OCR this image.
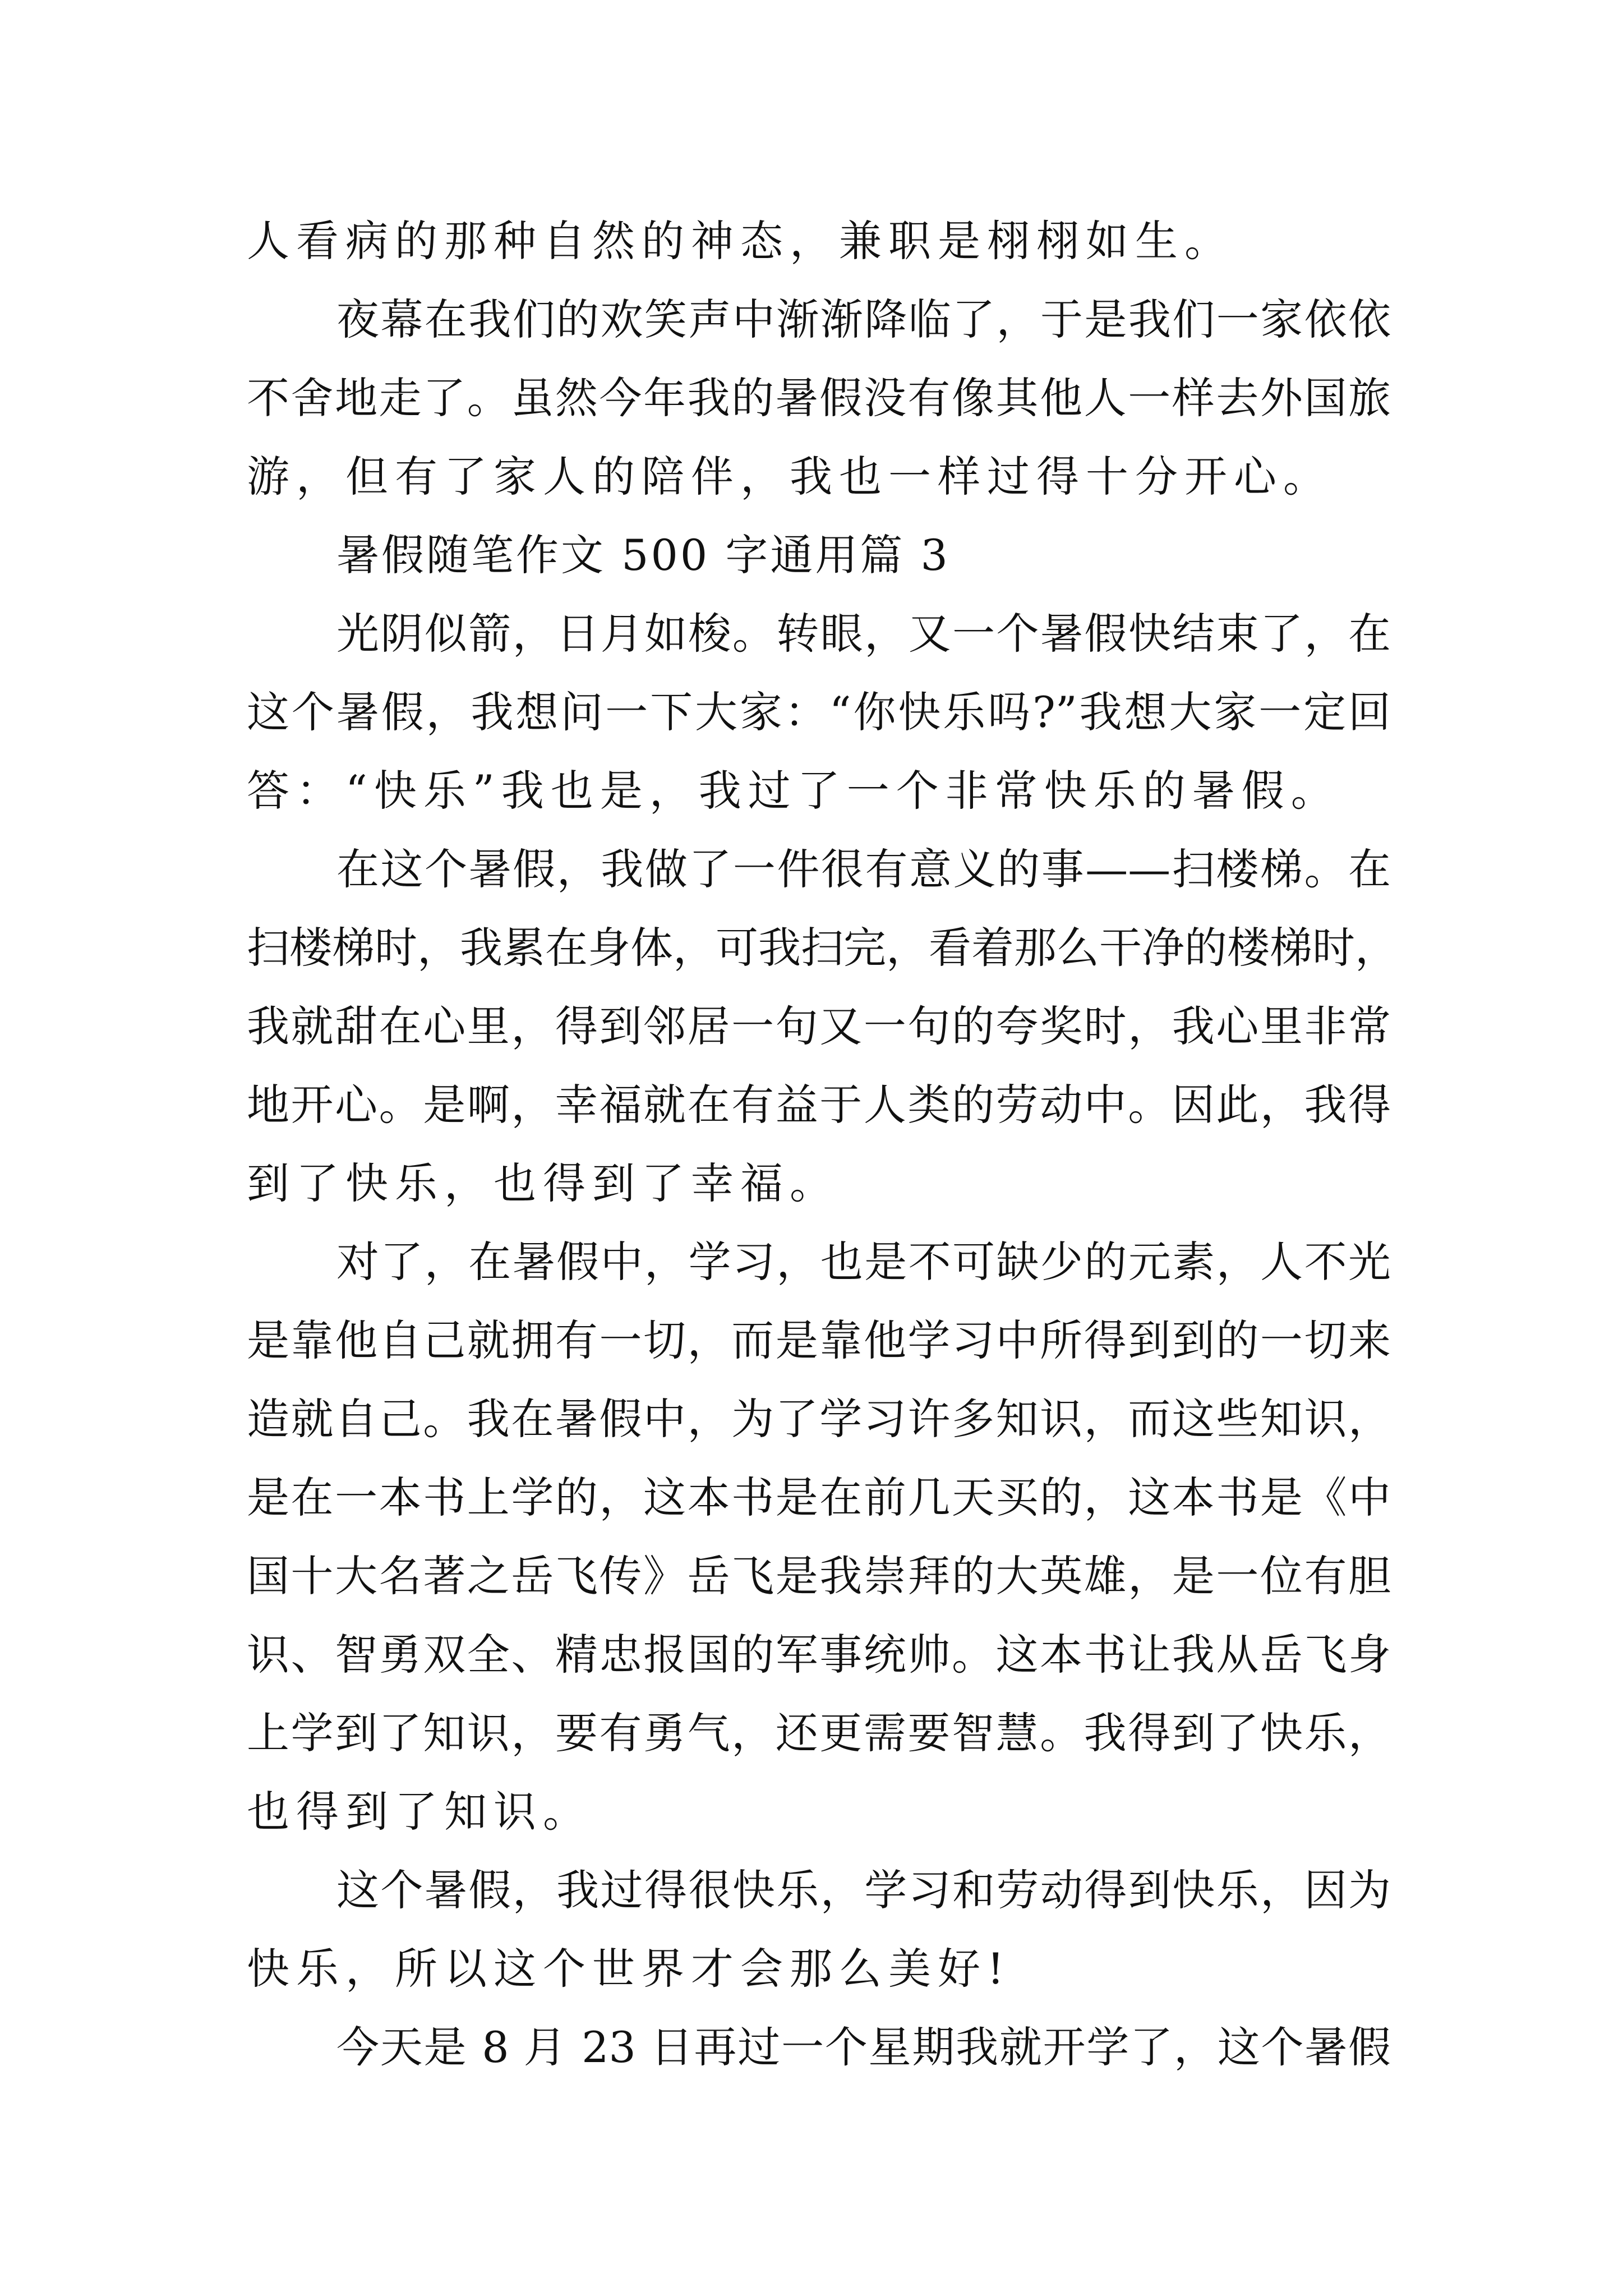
人看病的那种自然的神态，兼职是栩栩如生。
夜幕在我们的欢笑声中渐渐降临了，于是我们一家依依
不舍地走了。虽然今年我的暑假没有像其他人一样去外国旅
游，但有了家人的陪伴，我也一样过得十分开心。
暑假随笔作文 500 字通用篇 3
光阴似箭，日月如梭。转眼，又一个暑假快结束了，在
这个暑假，我想问一下大家：“你快乐吗?”我想大家一定回
答：“快乐”我也是，我过了一个非常快乐的暑假。
在这个暑假，我做了一件很有意义的事——扫楼梯。在
扫楼梯时，我累在身体，可我扫完，看着那么干净的楼梯时，
我就甜在心里，得到邻居一句又一句的夸奖时，我心里非常
地开心。是啊，幸福就在有益于人类的劳动中。因此，我得
到了快乐，也得到了幸福。
对了，在暑假中，学习，也是不可缺少的元素，人不光
是靠他自己就拥有一切，而是靠他学习中所得到到的一切来
造就自己。我在暑假中，为了学习许多知识，而这些知识，
是在一本书上学的，这本书是在前几天买的，这本书是《中
国十大名著之岳飞传》岳飞是我崇拜的大英雄，是一位有胆
识、智勇双全、精忠报国的军事统帅。这本书让我从岳飞身
上学到了知识，要有勇气，还更需要智慧。我得到了快乐，
也得到了知识。
这个暑假，我过得很快乐，学习和劳动得到快乐，因为
快乐，所以这个世界才会那么美好!
今天是 8 月 23 日再过一个星期我就开学了，这个暑假
